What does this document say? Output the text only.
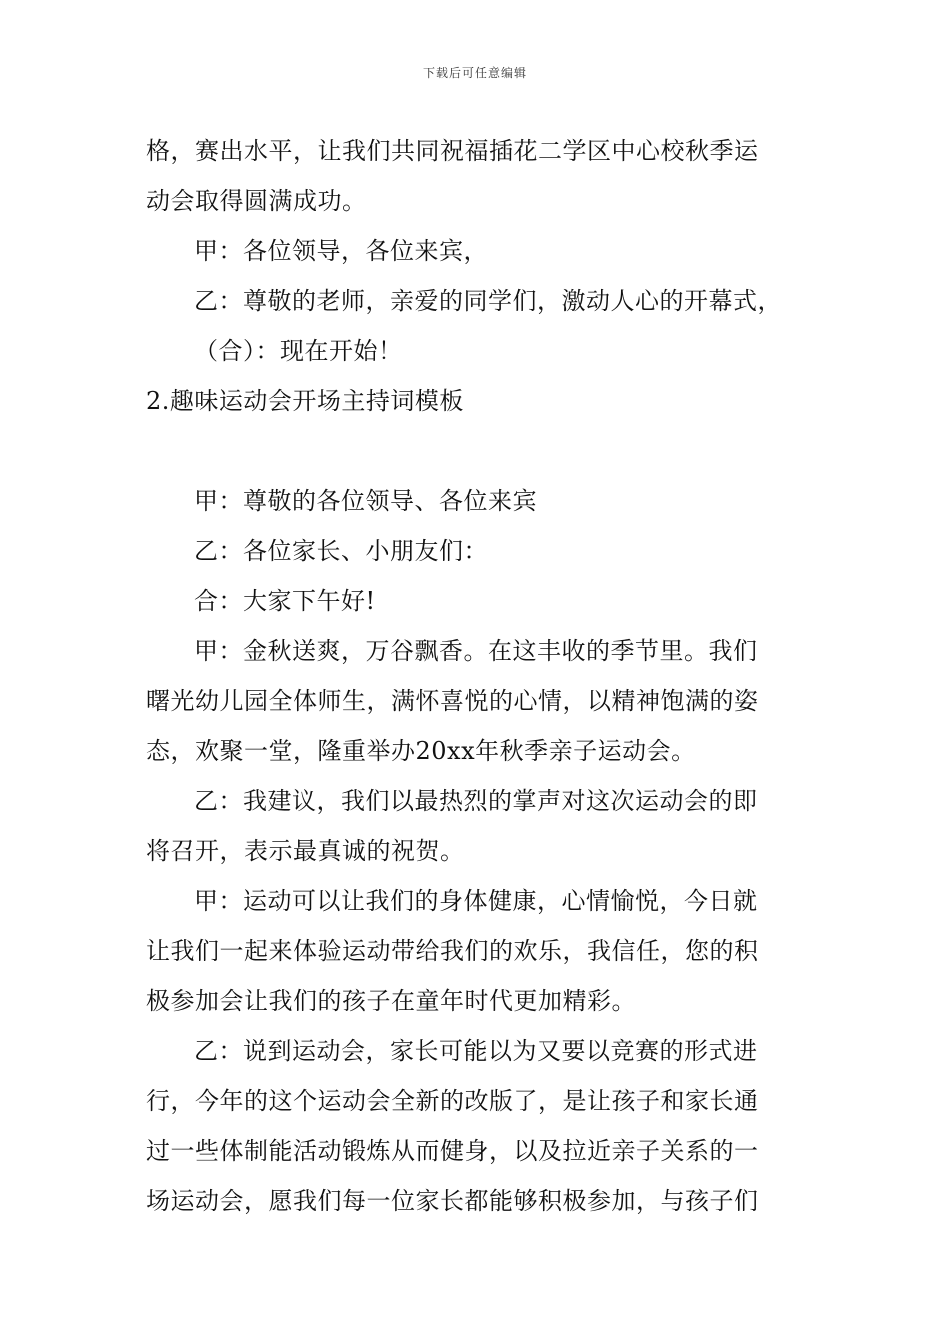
下载后可任意编辑
格，赛出水平，让我们共同祝福插花二学区中心校秋季运
动会取得圆满成功。
甲：各位领导，各位来宾，
乙：尊敬的老师，亲爱的同学们，激动人心的开幕式，
（合）：现在开始！
2.趣味运动会开场主持词模板
甲：尊敬的各位领导、各位来宾
乙：各位家长、小朋友们：
合：大家下午好!
甲：金秋送爽，万谷飘香。在这丰收的季节里。我们
曙光幼儿园全体师生，满怀喜悦的心情，以精神饱满的姿
态，欢聚一堂，隆重举办20xx年秋季亲子运动会。
乙：我建议，我们以最热烈的掌声对这次运动会的即
将召开，表示最真诚的祝贺。
甲：运动可以让我们的身体健康，心情愉悦，今日就
让我们一起来体验运动带给我们的欢乐，我信任，您的积
极参加会让我们的孩子在童年时代更加精彩。
乙：说到运动会，家长可能以为又要以竞赛的形式进
行，今年的这个运动会全新的改版了，是让孩子和家长通
过一些体制能活动锻炼从而健身，以及拉近亲子关系的一
场运动会，愿我们每一位家长都能够积极参加，与孩子们
